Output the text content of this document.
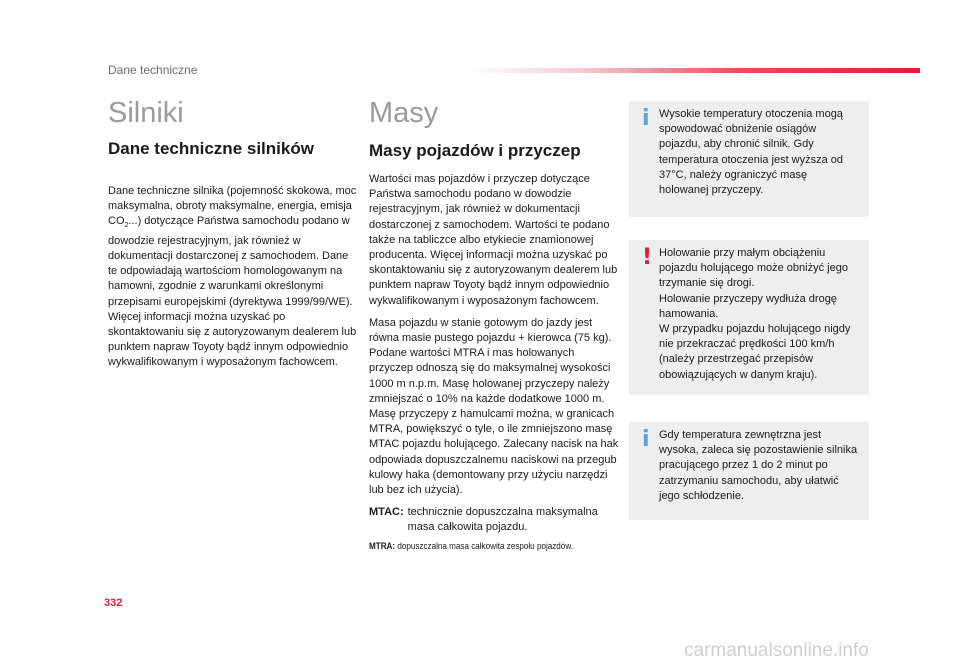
Dane techniczne
Silniki
Dane techniczne silników

Dane techniczne silnika (pojemność skokowa, moc maksymalna, obroty maksymalne, energia, emisja $CO_2$...) dotyczące Państwa samochodu podano w dowodzie rejestracyjnym, jak również w dokumentacji dostarczonej z samochodem. Dane te odpowiadają wartościom homologowanym na hamowni, zgodnie z warunkami określonymi przepisami europejskimi (dyrektywa 1999/99/WE). Więcej informacji można uzyskać po skontaktowaniu się z autoryzowanym dealerem lub punktem napraw Toyoty bądź innym odpowiednio wykwalifikowanym i wyposażonym fachowcem.

Masy
Masy pojazdów i przyczep

Wartości mas pojazdów i przyczep dotyczące Państwa samochodu podano w dowodzie rejestracyjnym, jak również w dokumentacji dostarczonej z samochodem. Wartości te podano także na tabliczce albo etykiecie znamionowej producenta. Więcej informacji można uzyskać po skontaktowaniu się z autoryzowanym dealerem lub punktem napraw Toyoty bądź innym odpowiednio wykwalifikowanym i wyposażonym fachowcem.

Masa pojazdu w stanie gotowym do jazdy jest równa masie pustego pojazdu + kierowca (75 kg). Podane wartości MTRA i mas holowanych przyczep odnoszą się do maksymalnej wysokości 1000 m n.p.m. Masę holowanej przyczepy należy zmniejszać o 10% na każde dodatkowe 1000 m. Masę przyczepy z hamulcami można, w granicach MTRA, powiększyć o tyle, o ile zmniejszono masę MTAC pojazdu holującego. Zalecany nacisk na hak odpowiada dopuszczalnemu naciskowi na przegub kulowy haka (demontowany przy użyciu narzędzi lub bez ich użycia).

MTAC: technicznie dopuszczalna maksymalna masa całkowita pojazdu.
MTRA: dopuszczalna masa całkowita zespołu pojazdów.
i Wysokie temperatury otoczenia mogą spowodować obniżenie osiągów pojazdu, aby chronić silnik. Gdy temperatura otoczenia jest wyższa od 37°C, należy ograniczyć masę holowanej przyczepy.
! Holowanie przy małym obciążeniu pojazdu holującego może obniżyć jego trzymanie się drogi.
Holowanie przyczepy wydłuża drogę hamowania.
W przypadku pojazdu holującego nigdy nie przekraczać prędkości 100 km/h (należy przestrzegać przepisów obowiązujących w danym kraju).
i Gdy temperatura zewnętrzna jest wysoka, zaleca się pozostawienie silnika pracującego przez 1 do 2 minut po zatrzymaniu samochodu, aby ułatwić jego schłodzenie.
332
carmanualsonline.info
